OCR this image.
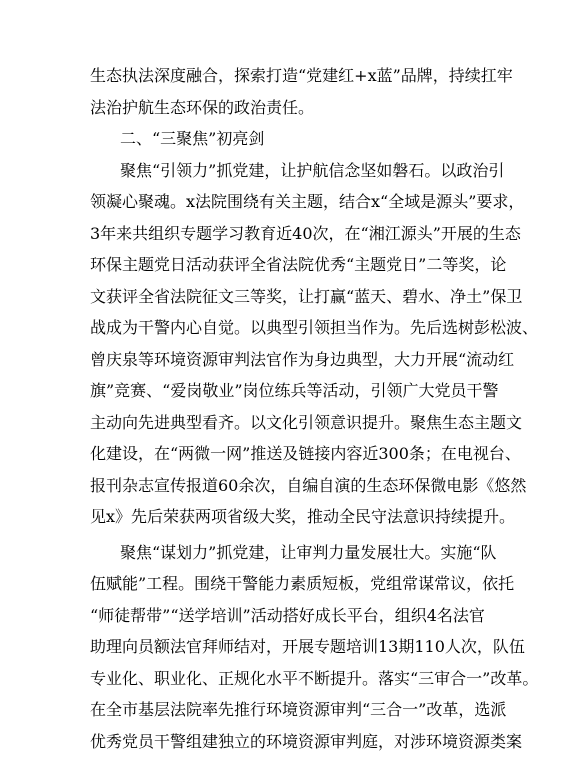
生态执法深度融合，探索打造“党建红+x蓝”品牌，持续扛牢
法治护航生态环保的政治责任。
二、“三聚焦”初亮剑
聚焦“引领力”抓党建，让护航信念坚如磐石。以政治引
领凝心聚魂。x法院围绕有关主题，结合x“全域是源头”要求，
3年来共组织专题学习教育近40次，在“湘江源头”开展的生态
环保主题党日活动获评全省法院优秀“主题党日”二等奖，论
文获评全省法院征文三等奖，让打赢“蓝天、碧水、净土”保卫
战成为干警内心自觉。以典型引领担当作为。先后选树彭松波、
曾庆泉等环境资源审判法官作为身边典型，大力开展“流动红
旗”竞赛、“爱岗敬业”岗位练兵等活动，引领广大党员干警
主动向先进典型看齐。以文化引领意识提升。聚焦生态主题文
化建设，在“两微一网”推送及链接内容近300条；在电视台、
报刊杂志宣传报道60余次，自编自演的生态环保微电影《悠然
见x》先后荣获两项省级大奖，推动全民守法意识持续提升。
聚焦“谋划力”抓党建，让审判力量发展壮大。实施“队
伍赋能”工程。围绕干警能力素质短板，党组常谋常议，依托
“师徒帮带”“送学培训”活动搭好成长平台，组织4名法官
助理向员额法官拜师结对，开展专题培训13期110人次，队伍
专业化、职业化、正规化水平不断提升。落实“三审合一”改革。
在全市基层法院率先推行环境资源审判“三合一”改革，选派
优秀党员干警组建独立的环境资源审判庭，对涉环境资源类案
